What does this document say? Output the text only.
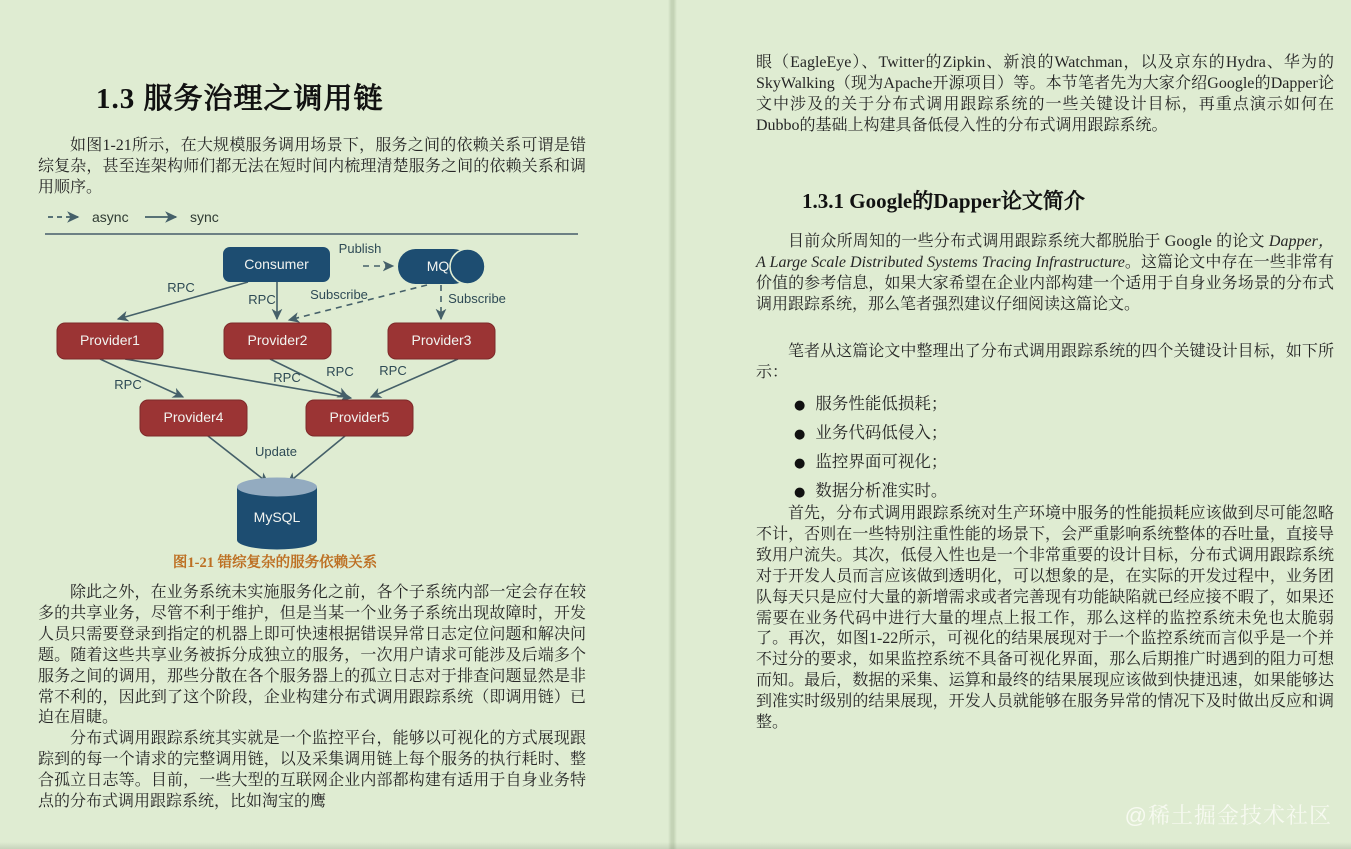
1.3 服务治理之调用链
如图1-21所示，在大规模服务调用场景下，服务之间的依赖关系可谓是错综复杂，甚至连架构师们都无法在短时间内梳理清楚服务之间的依赖关系和调用顺序。
async	sync
Publish
RPC
RPC	Subscribe	Subscribe
RPC	RPC RPC RPC
Update
Consumer	MQ
Provider1	Provider2	Provider3
Provider4	Provider5
MySQL
图1-21 错综复杂的服务依赖关系
除此之外，在业务系统未实施服务化之前，各个子系统内部一定会存在较多的共享业务，尽管不利于维护，但是当某一个业务子系统出现故障时，开发人员只需要登录到指定的机器上即可快速根据错误异常日志定位问题和解决问题。随着这些共享业务被拆分成独立的服务，一次用户请求可能涉及后端多个服务之间的调用，那些分散在各个服务器上的孤立日志对于排查问题显然是非常不利的，因此到了这个阶段，企业构建分布式调用跟踪系统（即调用链）已迫在眉睫。
分布式调用跟踪系统其实就是一个监控平台，能够以可视化的方式展现跟踪到的每一个请求的完整调用链，以及采集调用链上每个服务的执行耗时、整合孤立日志等。目前，一些大型的互联网企业内部都构建有适用于自身业务特点的分布式调用跟踪系统，比如淘宝的鹰
眼（EagleEye）、Twitter的Zipkin、新浪的Watchman，以及京东的Hydra、华为的SkyWalking（现为Apache开源项目）等。本节笔者先为大家介绍Google的Dapper论文中涉及的关于分布式调用跟踪系统的一些关键设计目标，再重点演示如何在Dubbo的基础上构建具备低侵入性的分布式调用跟踪系统。
1.3.1 Google的Dapper论文简介
目前众所周知的一些分布式调用跟踪系统大都脱胎于 Google 的论文 Dapper，A Large Scale Distributed Systems Tracing Infrastructure。这篇论文中存在一些非常有价值的参考信息，如果大家希望在企业内部构建一个适用于自身业务场景的分布式调用跟踪系统，那么笔者强烈建议仔细阅读这篇论文。
笔者从这篇论文中整理出了分布式调用跟踪系统的四个关键设计目标，如下所示：
● 服务性能低损耗；
● 业务代码低侵入；
● 监控界面可视化；
● 数据分析准实时。
首先，分布式调用跟踪系统对生产环境中服务的性能损耗应该做到尽可能忽略不计，否则在一些特别注重性能的场景下，会严重影响系统整体的吞吐量，直接导致用户流失。其次，低侵入性也是一个非常重要的设计目标，分布式调用跟踪系统对于开发人员而言应该做到透明化，可以想象的是，在实际的开发过程中，业务团队每天只是应付大量的新增需求或者完善现有功能缺陷就已经应接不暇了，如果还需要在业务代码中进行大量的埋点上报工作，那么这样的监控系统未免也太脆弱了。再次，如图1-22所示，可视化的结果展现对于一个监控系统而言似乎是一个并不过分的要求，如果监控系统不具备可视化界面，那么后期推广时遇到的阻力可想而知。最后，数据的采集、运算和最终的结果展现应该做到快捷迅速，如果能够达到准实时级别的结果展现，开发人员就能够在服务异常的情况下及时做出反应和调整。
@稀土掘金技术社区
